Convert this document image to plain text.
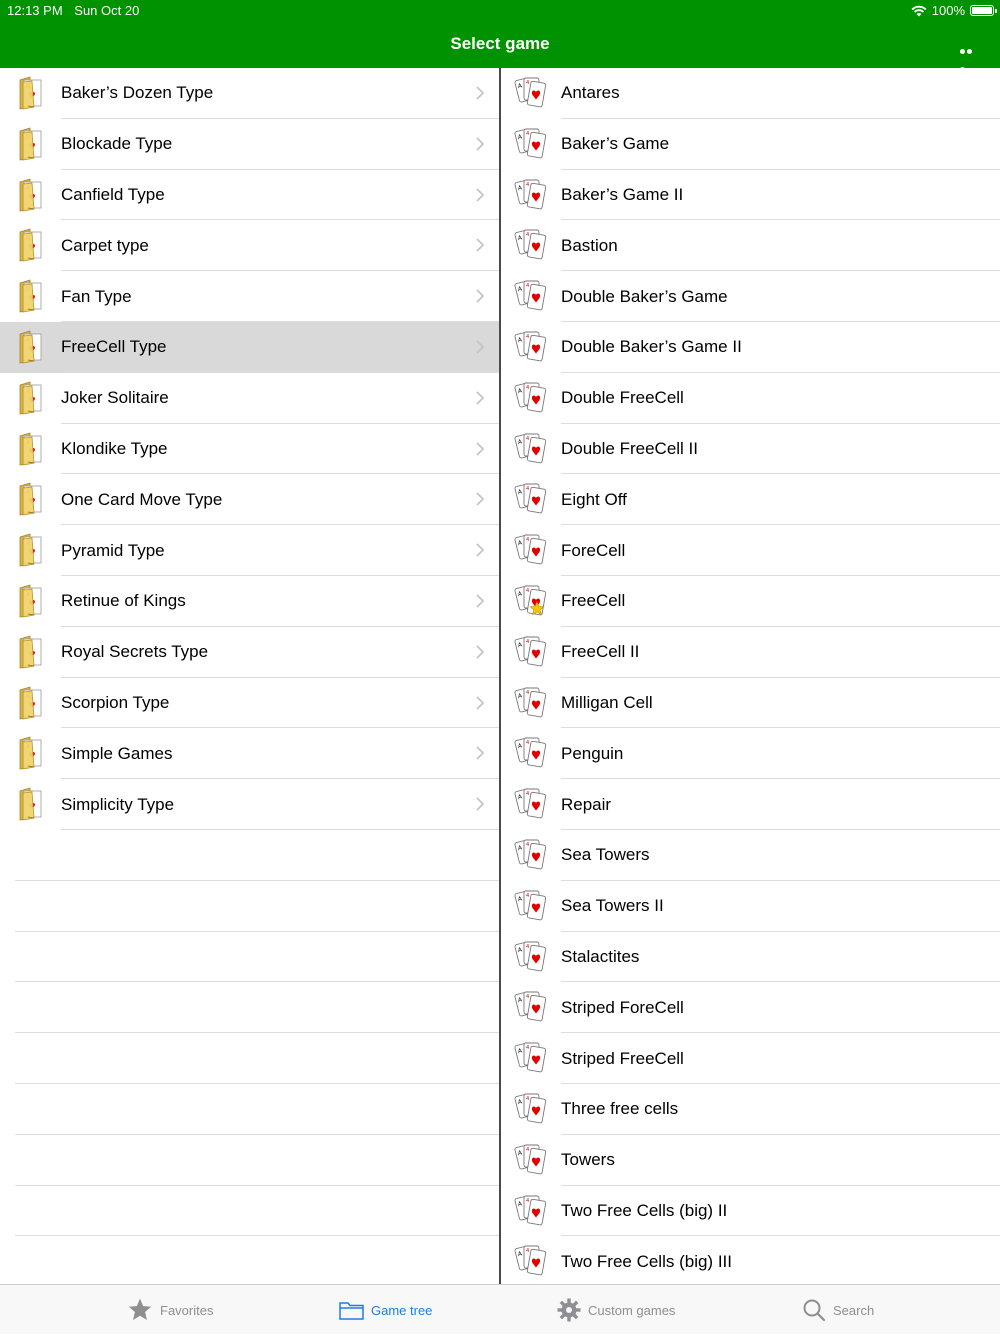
12:13 PM Sun Oct 20	100%
Select game
Baker’s Dozen Type
Blockade Type
Canfield Type
Carpet type
Fan Type
FreeCell Type
Joker Solitaire
Klondike Type
One Card Move Type
Pyramid Type
Retinue of Kings
Royal Secrets Type
Scorpion Type
Simple Games
Simplicity Type
A 4
Antares
A 4
Baker’s Game
A 4
Baker’s Game II
A 4
Bastion
A 4
Double Baker’s Game
A 4
Double Baker’s Game II
A 4
Double FreeCell
A 4
Double FreeCell II
A 4
Eight Off
A 4
ForeCell
A 4
FreeCell
A 4
FreeCell II
A 4
Milligan Cell
A 4
Penguin
A 4
Repair
A 4
Sea Towers
A 4
Sea Towers II
A 4
Stalactites
A 4
Striped ForeCell
A 4
Striped FreeCell
A 4
Three free cells
A 4
Towers
A 4
Two Free Cells (big) II
A 4
Two Free Cells (big) III
Favorites	Game tree	Custom games	Search
